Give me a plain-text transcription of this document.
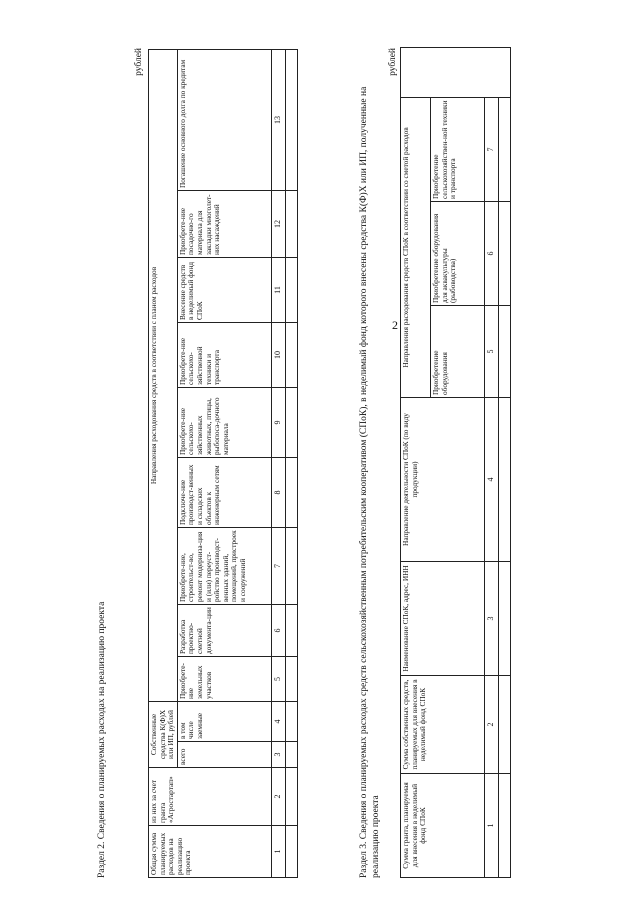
2
Раздел 2. Сведения о планируемых расходах на реализацию проекта
рублей
Общая сумма планируемых расходов на реализацию проекта	из них за счет гранта «Агростартап»	Собственные средства К(Ф)Х или ИП, рублей		Направления расходования средств в соответствии с планом расходов								
		всего	в том числе заемные	Приобрете-ние земельных участков	Разработка проектно-сметной документа-ции	Приобрете-ние, строительст-во, ремонт модерниза-ция и (или) переуст-ройство производст-венных зданий, помещений, пристроек и сооружений	Подключе-ние производст-венных и складских объектов к инженерным сетям	Приобрете-ние сельскохо-зяйственных животных, птицы, рыбопоса-дочного материала	Приобрете-ние сельскохо-зяйственной техники и транспорта	Внесение средств в неделимый фонд СПоК	Приобрете-ние посадочно-го материала для закладки многолет-них насаждений	Погашение основного долга по кредитам
1	2	3	4	5	6	7	8	9	10	11	12	13
													Раздел 3. Сведения о планируемых расходах средств сельскохозяйственным потребительским кооперативом (СПоК), в неделимый фонд которого внесены средства К(Ф)Х или ИП, полученные на реализацию проекта
рублей
Сумма гранта, планируемая для внесения в неделимый фонд СПоК	Сумма собственных средств, планируемых для внесения в неделимый фонд СПоК	Наименование СПоК, адрес, ИНН	Направление деятельности СПоК (по виду продукции)	Направления расходования средств СПоК в соответствии со сметой расходов			
				Приобретение оборудования	Приобретение оборудования для аквакультуры (рыбоводства)	Приобретение сельскохозяйствен-ной техники и транспорта	
1	2	3	4	5	6	7	
